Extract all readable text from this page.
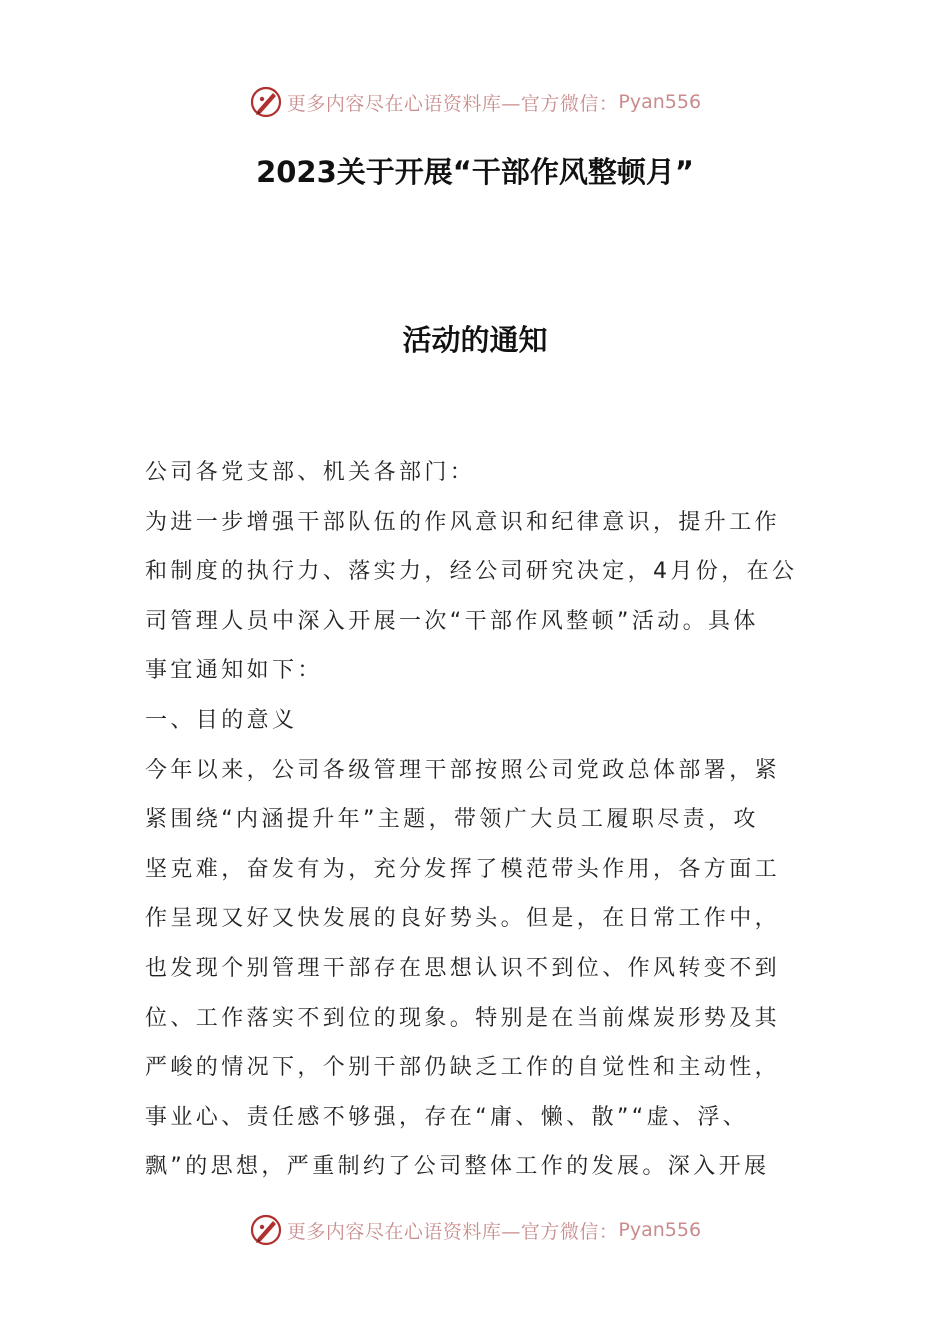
更多内容尽在心语资料库—官方微信： Pyan556
2023关于开展“干部作风整顿月”
活动的通知
公司各党支部、机关各部门：
为进一步增强干部队伍的作风意识和纪律意识，提升工作
和制度的执行力、落实力，经公司研究决定，4月份，在公
司管理人员中深入开展一次“干部作风整顿”活动。具体
事宜通知如下：
一、目的意义
今年以来，公司各级管理干部按照公司党政总体部署，紧
紧围绕“内涵提升年”主题，带领广大员工履职尽责，攻
坚克难，奋发有为，充分发挥了模范带头作用，各方面工
作呈现又好又快发展的良好势头。但是，在日常工作中，
也发现个别管理干部存在思想认识不到位、作风转变不到
位、工作落实不到位的现象。特别是在当前煤炭形势及其
严峻的情况下，个别干部仍缺乏工作的自觉性和主动性，
事业心、责任感不够强，存在“庸、懒、散”“虚、浮、
飘”的思想，严重制约了公司整体工作的发展。深入开展
更多内容尽在心语资料库—官方微信： Pyan556
